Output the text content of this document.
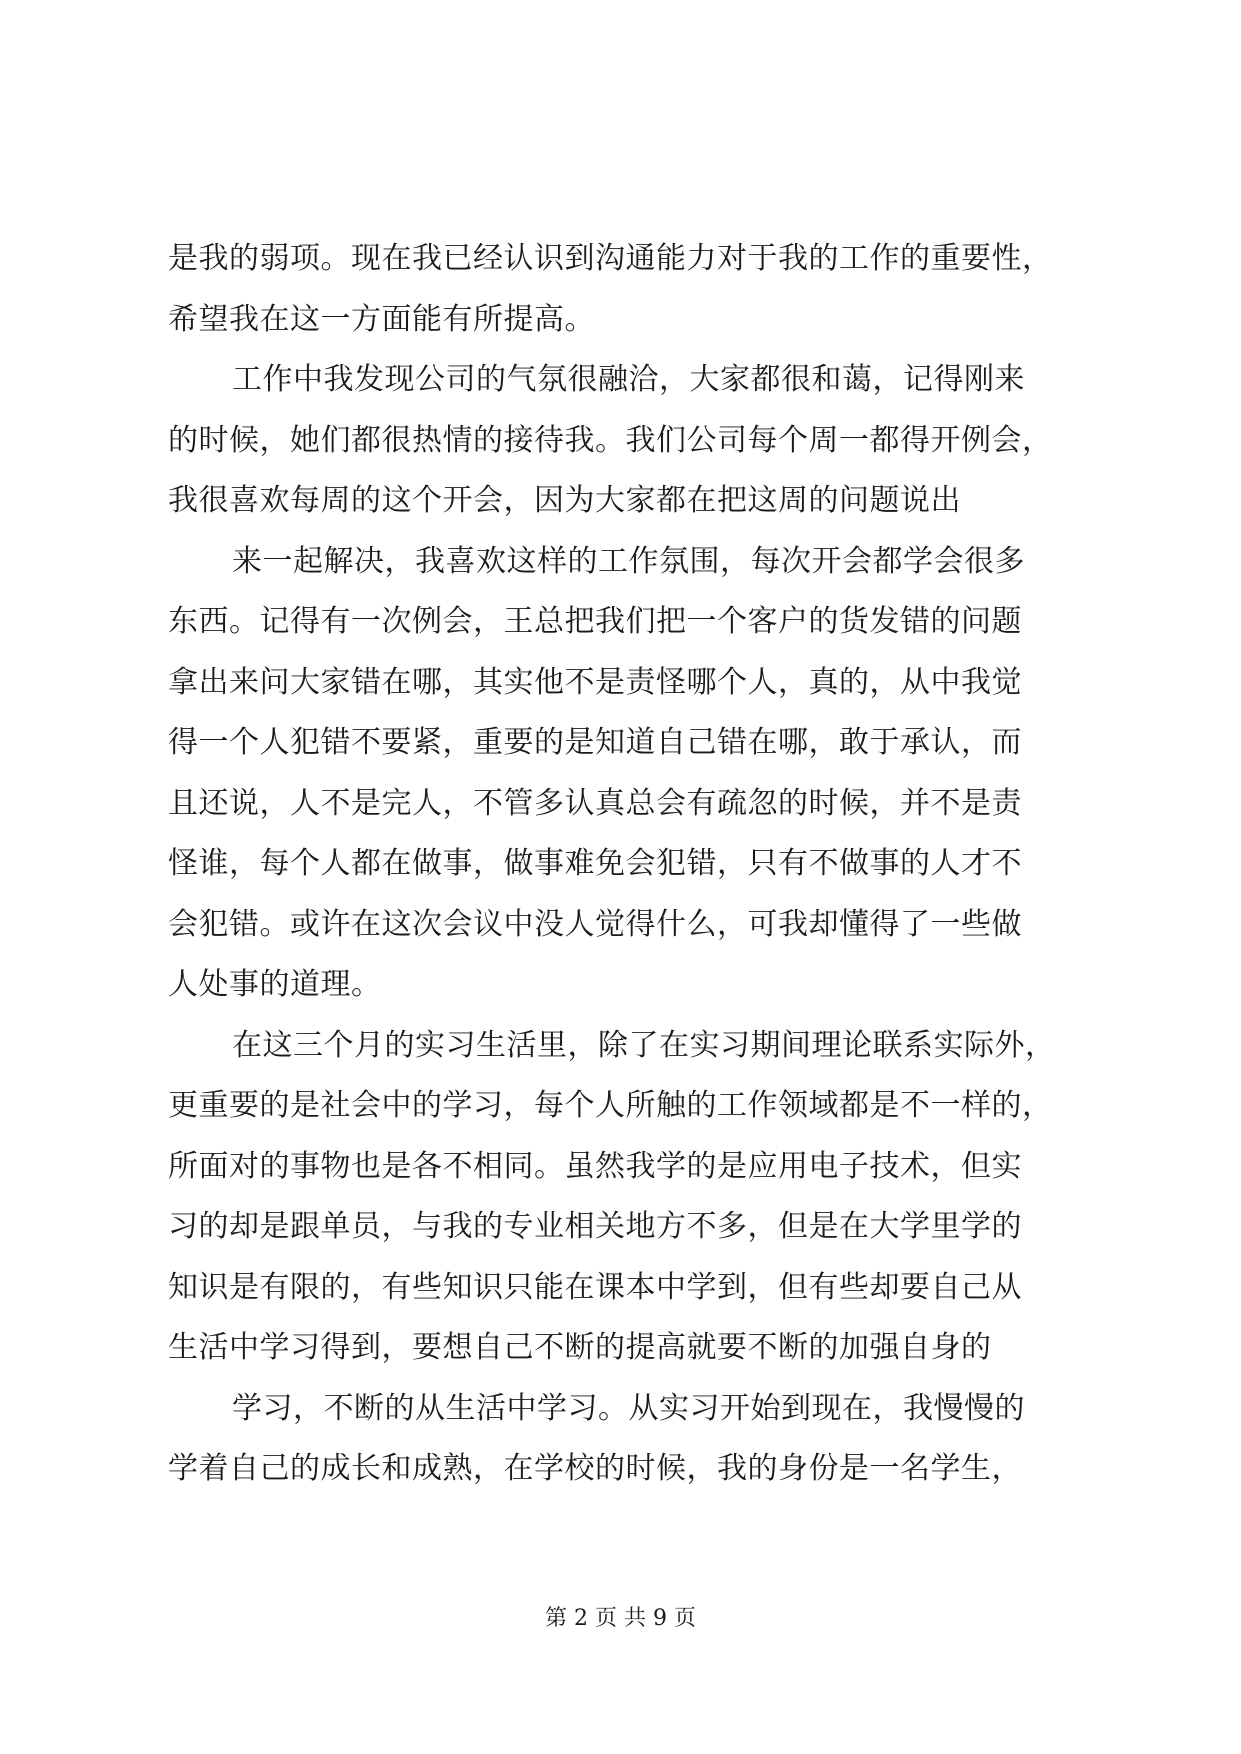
是我的弱项。现在我已经认识到沟通能力对于我的工作的重要性，
希望我在这一方面能有所提高。
工作中我发现公司的气氛很融洽，大家都很和蔼，记得刚来
的时候，她们都很热情的接待我。我们公司每个周一都得开例会，
我很喜欢每周的这个开会，因为大家都在把这周的问题说出
来一起解决，我喜欢这样的工作氛围，每次开会都学会很多
东西。记得有一次例会，王总把我们把一个客户的货发错的问题
拿出来问大家错在哪，其实他不是责怪哪个人，真的，从中我觉
得一个人犯错不要紧，重要的是知道自己错在哪，敢于承认，而
且还说，人不是完人，不管多认真总会有疏忽的时候，并不是责
怪谁，每个人都在做事，做事难免会犯错，只有不做事的人才不
会犯错。或许在这次会议中没人觉得什么，可我却懂得了一些做
人处事的道理。
在这三个月的实习生活里，除了在实习期间理论联系实际外，
更重要的是社会中的学习，每个人所触的工作领域都是不一样的，
所面对的事物也是各不相同。虽然我学的是应用电子技术，但实
习的却是跟单员，与我的专业相关地方不多，但是在大学里学的
知识是有限的，有些知识只能在课本中学到，但有些却要自己从
生活中学习得到，要想自己不断的提高就要不断的加强自身的
学习，不断的从生活中学习。从实习开始到现在，我慢慢的
学着自己的成长和成熟，在学校的时候，我的身份是一名学生，
第 2 页 共 9 页
